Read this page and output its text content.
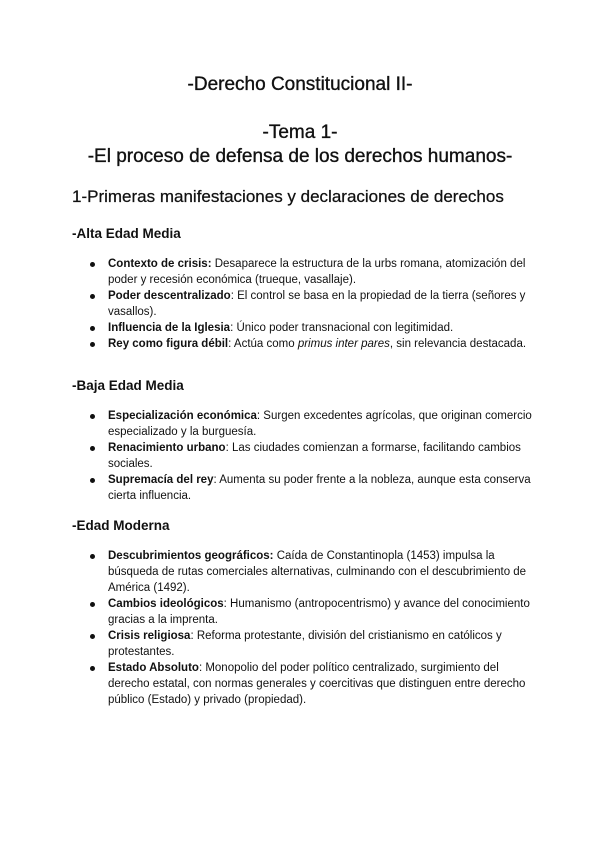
-Derecho Constitucional II-
-Tema 1-
-El proceso de defensa de los derechos humanos-
1-Primeras manifestaciones y declaraciones de derechos
-Alta Edad Media
Contexto de crisis: Desaparece la estructura de la urbs romana, atomización del poder y recesión económica (trueque, vasallaje).
Poder descentralizado: El control se basa en la propiedad de la tierra (señores y vasallos).
Influencia de la Iglesia: Único poder transnacional con legitimidad.
Rey como figura débil: Actúa como primus inter pares, sin relevancia destacada.
-Baja Edad Media
Especialización económica: Surgen excedentes agrícolas, que originan comercio especializado y la burguesía.
Renacimiento urbano: Las ciudades comienzan a formarse, facilitando cambios sociales.
Supremacía del rey: Aumenta su poder frente a la nobleza, aunque esta conserva cierta influencia.
-Edad Moderna
Descubrimientos geográficos: Caída de Constantinopla (1453) impulsa la búsqueda de rutas comerciales alternativas, culminando con el descubrimiento de América (1492).
Cambios ideológicos: Humanismo (antropocentrismo) y avance del conocimiento gracias a la imprenta.
Crisis religiosa: Reforma protestante, división del cristianismo en católicos y protestantes.
Estado Absoluto: Monopolio del poder político centralizado, surgimiento del derecho estatal, con normas generales y coercitivas que distinguen entre derecho público (Estado) y privado (propiedad).
